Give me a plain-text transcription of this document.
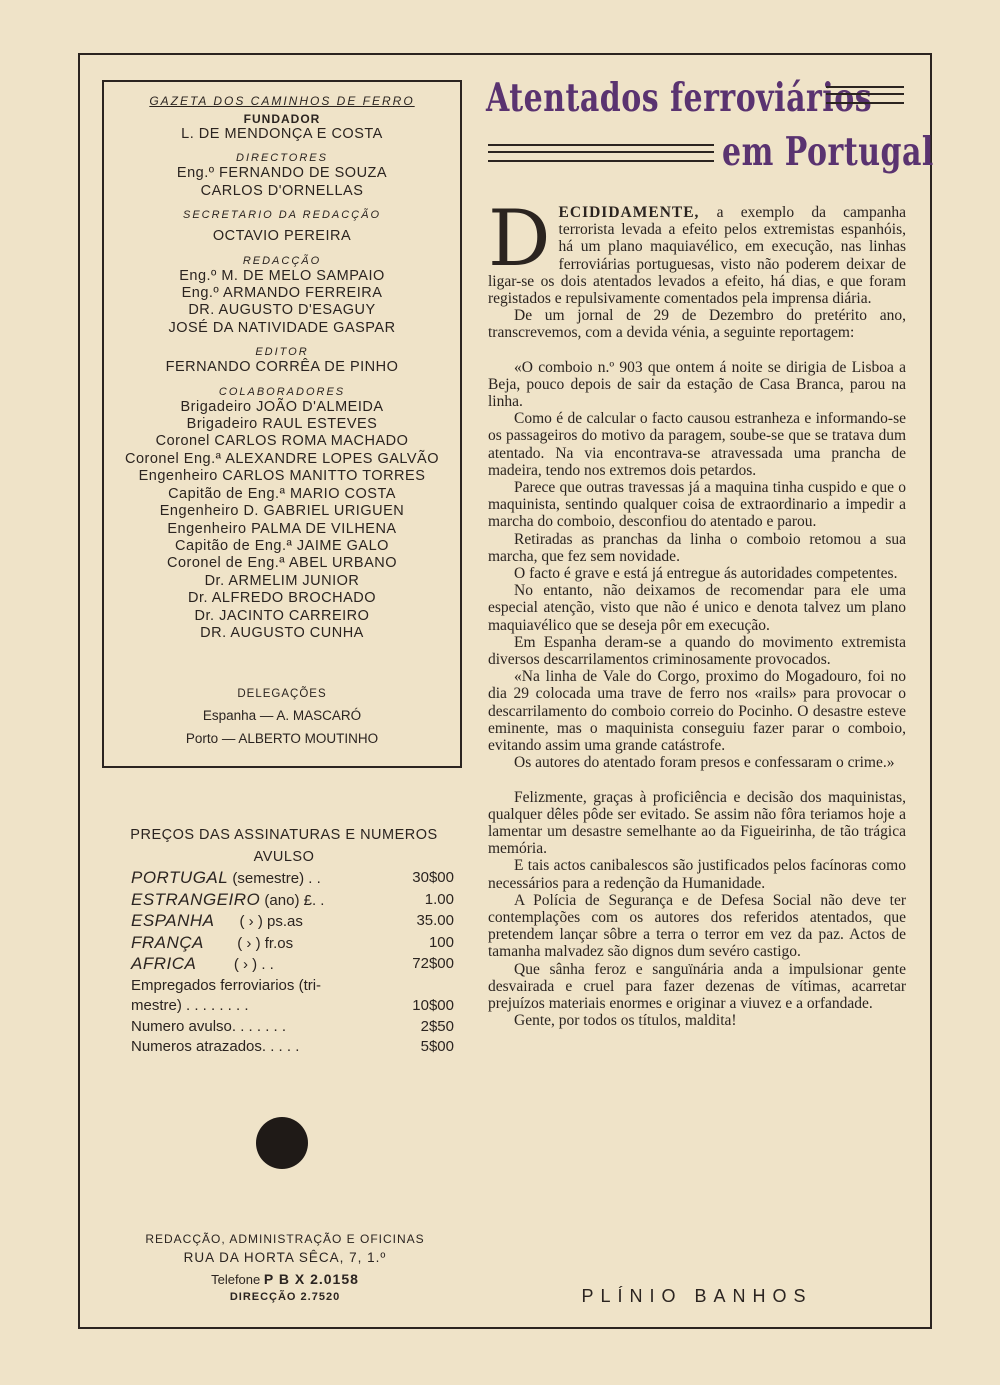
GAZETA DOS CAMINHOS DE FERRO
FUNDADOR
L. DE MENDONÇA E COSTA
DIRECTORES
Eng.º FERNANDO DE SOUZA
CARLOS D'ORNELLAS
SECRETARIO DA REDACÇÃO
OCTAVIO PEREIRA
REDACÇÃO
Eng.º M. DE MELO SAMPAIO
Eng.º ARMANDO FERREIRA
DR. AUGUSTO D'ESAGUY
JOSÉ DA NATIVIDADE GASPAR
EDITOR
FERNANDO CORRÊA DE PINHO
COLABORADORES
Brigadeiro JOÃO D'ALMEIDA
Brigadeiro RAUL ESTEVES
Coronel CARLOS ROMA MACHADO
Coronel Eng.ª ALEXANDRE LOPES GALVÃO
Engenheiro CARLOS MANITTO TORRES
Capitão de Eng.ª MARIO COSTA
Engenheiro D. GABRIEL URIGUEN
Engenheiro PALMA DE VILHENA
Capitão de Eng.ª JAIME GALO
Coronel de Eng.ª ABEL URBANO
Dr. ARMELIM JUNIOR
Dr. ALFREDO BROCHADO
Dr. JACINTO CARREIRO
DR. AUGUSTO CUNHA
DELEGAÇÕES
Espanha — A. MASCARÓ
Porto — ALBERTO MOUTINHO
PREÇOS DAS ASSINATURAS E NUMEROS
AVULSO
PORTUGAL (semestre) . .	30$00
ESTRANGEIRO (ano) £. .	1.00
ESPANHA      ( › ) ps.as	35.00
FRANÇA        ( › ) fr.os	100
AFRICA         ( › ) . .	72$00
Empregados ferroviarios (tri-
mestre) . . . . . . . .	10$00
Numero avulso. . . . . . .	2$50
Numeros atrazados. . . . .	5$00
REDACÇÃO, ADMINISTRAÇÃO E OFICINAS
RUA DA HORTA SÊCA, 7, 1.º
Telefone P B X 2.0158
DIRECÇÃO 2.7520
Atentados ferroviários
em Portugal

DECIDIDAMENTE, a exemplo da campanha terrorista levada a efeito pelos extremistas espanhóis, há um plano maquiavélico, em execução, nas linhas ferroviárias portuguesas, visto não poderem deixar de ligar-se os dois atentados levados a efeito, há dias, e que foram registados e repulsivamente comentados pela imprensa diária.

De um jornal de 29 de Dezembro do pretérito ano, transcrevemos, com a devida vénia, a seguinte reportagem:

«O comboio n.º 903 que ontem á noite se dirigia de Lisboa a Beja, pouco depois de sair da estação de Casa Branca, parou na linha.

Como é de calcular o facto causou estranheza e informando-se os passageiros do motivo da paragem, soube-se que se tratava dum atentado. Na via encontrava-se atravessada uma prancha de madeira, tendo nos extremos dois petardos.

Parece que outras travessas já a maquina tinha cuspido e que o maquinista, sentindo qualquer coisa de extraordinario a impedir a marcha do comboio, desconfiou do atentado e parou.

Retiradas as pranchas da linha o comboio retomou a sua marcha, que fez sem novidade.

O facto é grave e está já entregue ás autoridades competentes.

No entanto, não deixamos de recomendar para ele uma especial atenção, visto que não é unico e denota talvez um plano maquiavélico que se deseja pôr em execução.

Em Espanha deram-se a quando do movimento extremista diversos descarrilamentos criminosamente provocados.

«Na linha de Vale do Corgo, proximo do Mogadouro, foi no dia 29 colocada uma trave de ferro nos «rails» para provocar o descarrilamento do comboio correio do Pocinho. O desastre esteve eminente, mas o maquinista conseguiu fazer parar o comboio, evitando assim uma grande catástrofe.

Os autores do atentado foram presos e confessaram o crime.»

Felizmente, graças à proficiência e decisão dos maquinistas, qualquer dêles pôde ser evitado. Se assim não fôra teriamos hoje a lamentar um desastre semelhante ao da Figueirinha, de tão trágica memória.

E tais actos canibalescos são justificados pelos facínoras como necessários para a redenção da Humanidade.

A Polícia de Segurança e de Defesa Social não deve ter contemplações com os autores dos referidos atentados, que pretendem lançar sôbre a terra o terror em vez da paz. Actos de tamanha malvadez são dignos dum sevéro castigo.

Que sânha feroz e sanguïnária anda a impulsionar gente desvairada e cruel para fazer dezenas de vítimas, acarretar prejuízos materiais enormes e originar a viuvez e a orfandade.

Gente, por todos os títulos, maldita!

PLÍNIO BANHOS
